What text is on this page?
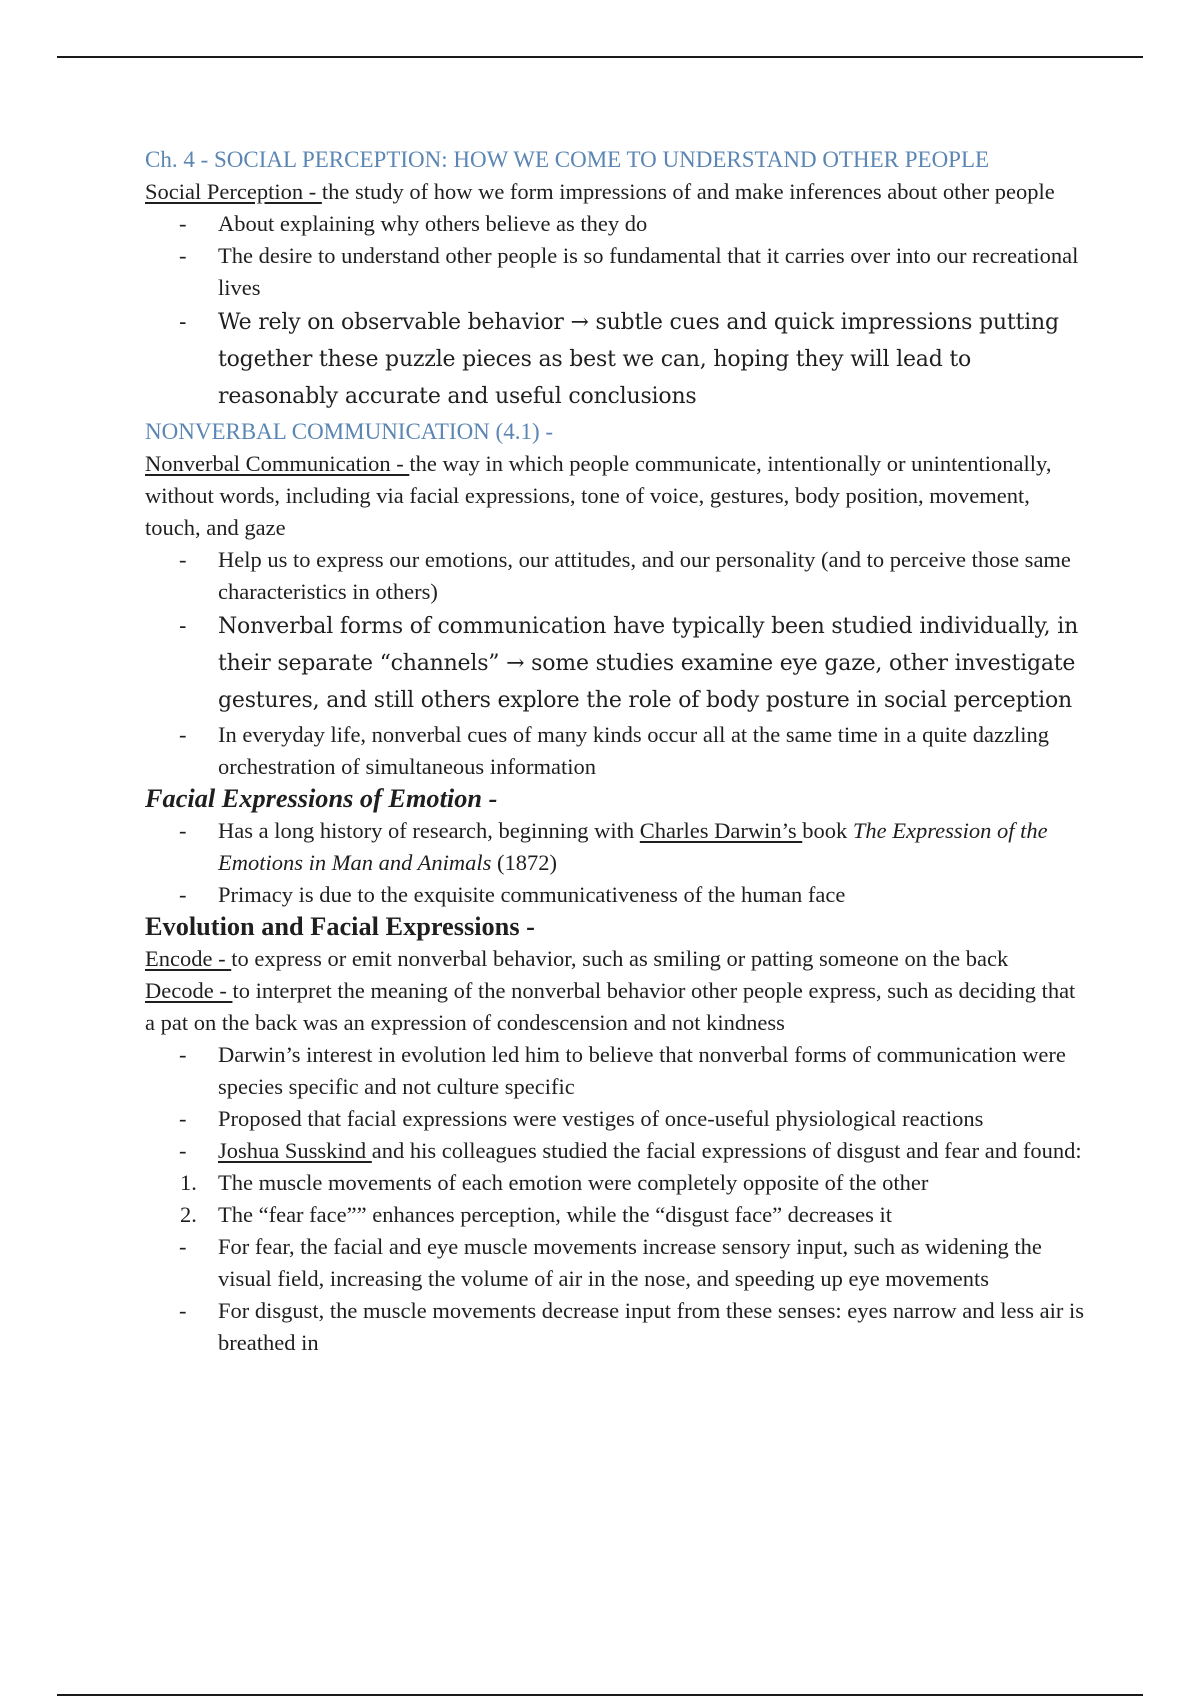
Ch. 4 - SOCIAL PERCEPTION: HOW WE COME TO UNDERSTAND OTHER PEOPLE

Social Perception - the study of how we form impressions of and make inferences about other people

- About explaining why others believe as they do
- The desire to understand other people is so fundamental that it carries over into our recreational lives
- We rely on observable behavior → subtle cues and quick impressions putting together these puzzle pieces as best we can, hoping they will lead to reasonably accurate and useful conclusions
NONVERBAL COMMUNICATION (4.1) -

Nonverbal Communication - the way in which people communicate, intentionally or unintentionally, without words, including via facial expressions, tone of voice, gestures, body position, movement, touch, and gaze

- Help us to express our emotions, our attitudes, and our personality (and to perceive those same characteristics in others)
- Nonverbal forms of communication have typically been studied individually, in their separate “channels” → some studies examine eye gaze, other investigate gestures, and still others explore the role of body posture in social perception
- In everyday life, nonverbal cues of many kinds occur all at the same time in a quite dazzling orchestration of simultaneous information
Facial Expressions of Emotion -
- Has a long history of research, beginning with Charles Darwin’s book The Expression of the Emotions in Man and Animals (1872)
- Primacy is due to the exquisite communicativeness of the human face
Evolution and Facial Expressions -

Encode - to express or emit nonverbal behavior, such as smiling or patting someone on the back

Decode - to interpret the meaning of the nonverbal behavior other people express, such as deciding that a pat on the back was an expression of condescension and not kindness

- Darwin’s interest in evolution led him to believe that nonverbal forms of communication were species specific and not culture specific
- Proposed that facial expressions were vestiges of once-useful physiological reactions
- Joshua Susskind and his colleagues studied the facial expressions of disgust and fear and found:
1. The muscle movements of each emotion were completely opposite of the other
2. The “fear face”” enhances perception, while the “disgust face” decreases it
- For fear, the facial and eye muscle movements increase sensory input, such as widening the visual field, increasing the volume of air in the nose, and speeding up eye movements
- For disgust, the muscle movements decrease input from these senses: eyes narrow and less air is breathed in
